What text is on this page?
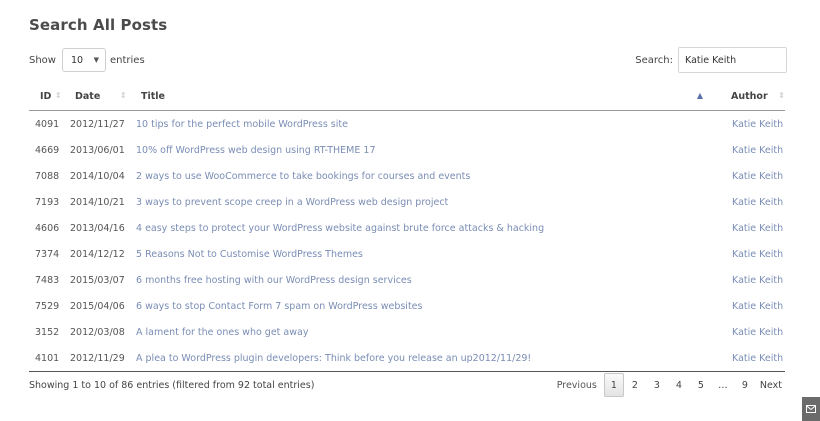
Search All Posts
Show 10 ▼ entries	Search:	Katie Keith
ID ⇕	Date ⇕	Title ▲	Author ⇕

4091	2012/11/27	10 tips for the perfect mobile WordPress site	Katie Keith
4669	2013/06/01	10% off WordPress web design using RT-THEME 17	Katie Keith
7088	2014/10/04	2 ways to use WooCommerce to take bookings for courses and events	Katie Keith
7193	2014/10/21	3 ways to prevent scope creep in a WordPress web design project	Katie Keith
4606	2013/04/16	4 easy steps to protect your WordPress website against brute force attacks & hacking	Katie Keith
7374	2014/12/12	5 Reasons Not to Customise WordPress Themes	Katie Keith
7483	2015/03/07	6 months free hosting with our WordPress design services	Katie Keith
7529	2015/04/06	6 ways to stop Contact Form 7 spam on WordPress websites	Katie Keith
3152	2012/03/08	A lament for the ones who get away	Katie Keith
4101	2012/11/29	A plea to WordPress plugin developers: Think before you release an up2012/11/29!	Katie Keith
Showing 1 to 10 of 86 entries (filtered from 92 total entries)	Previous	1	2	3	4	5	…	9	Next
